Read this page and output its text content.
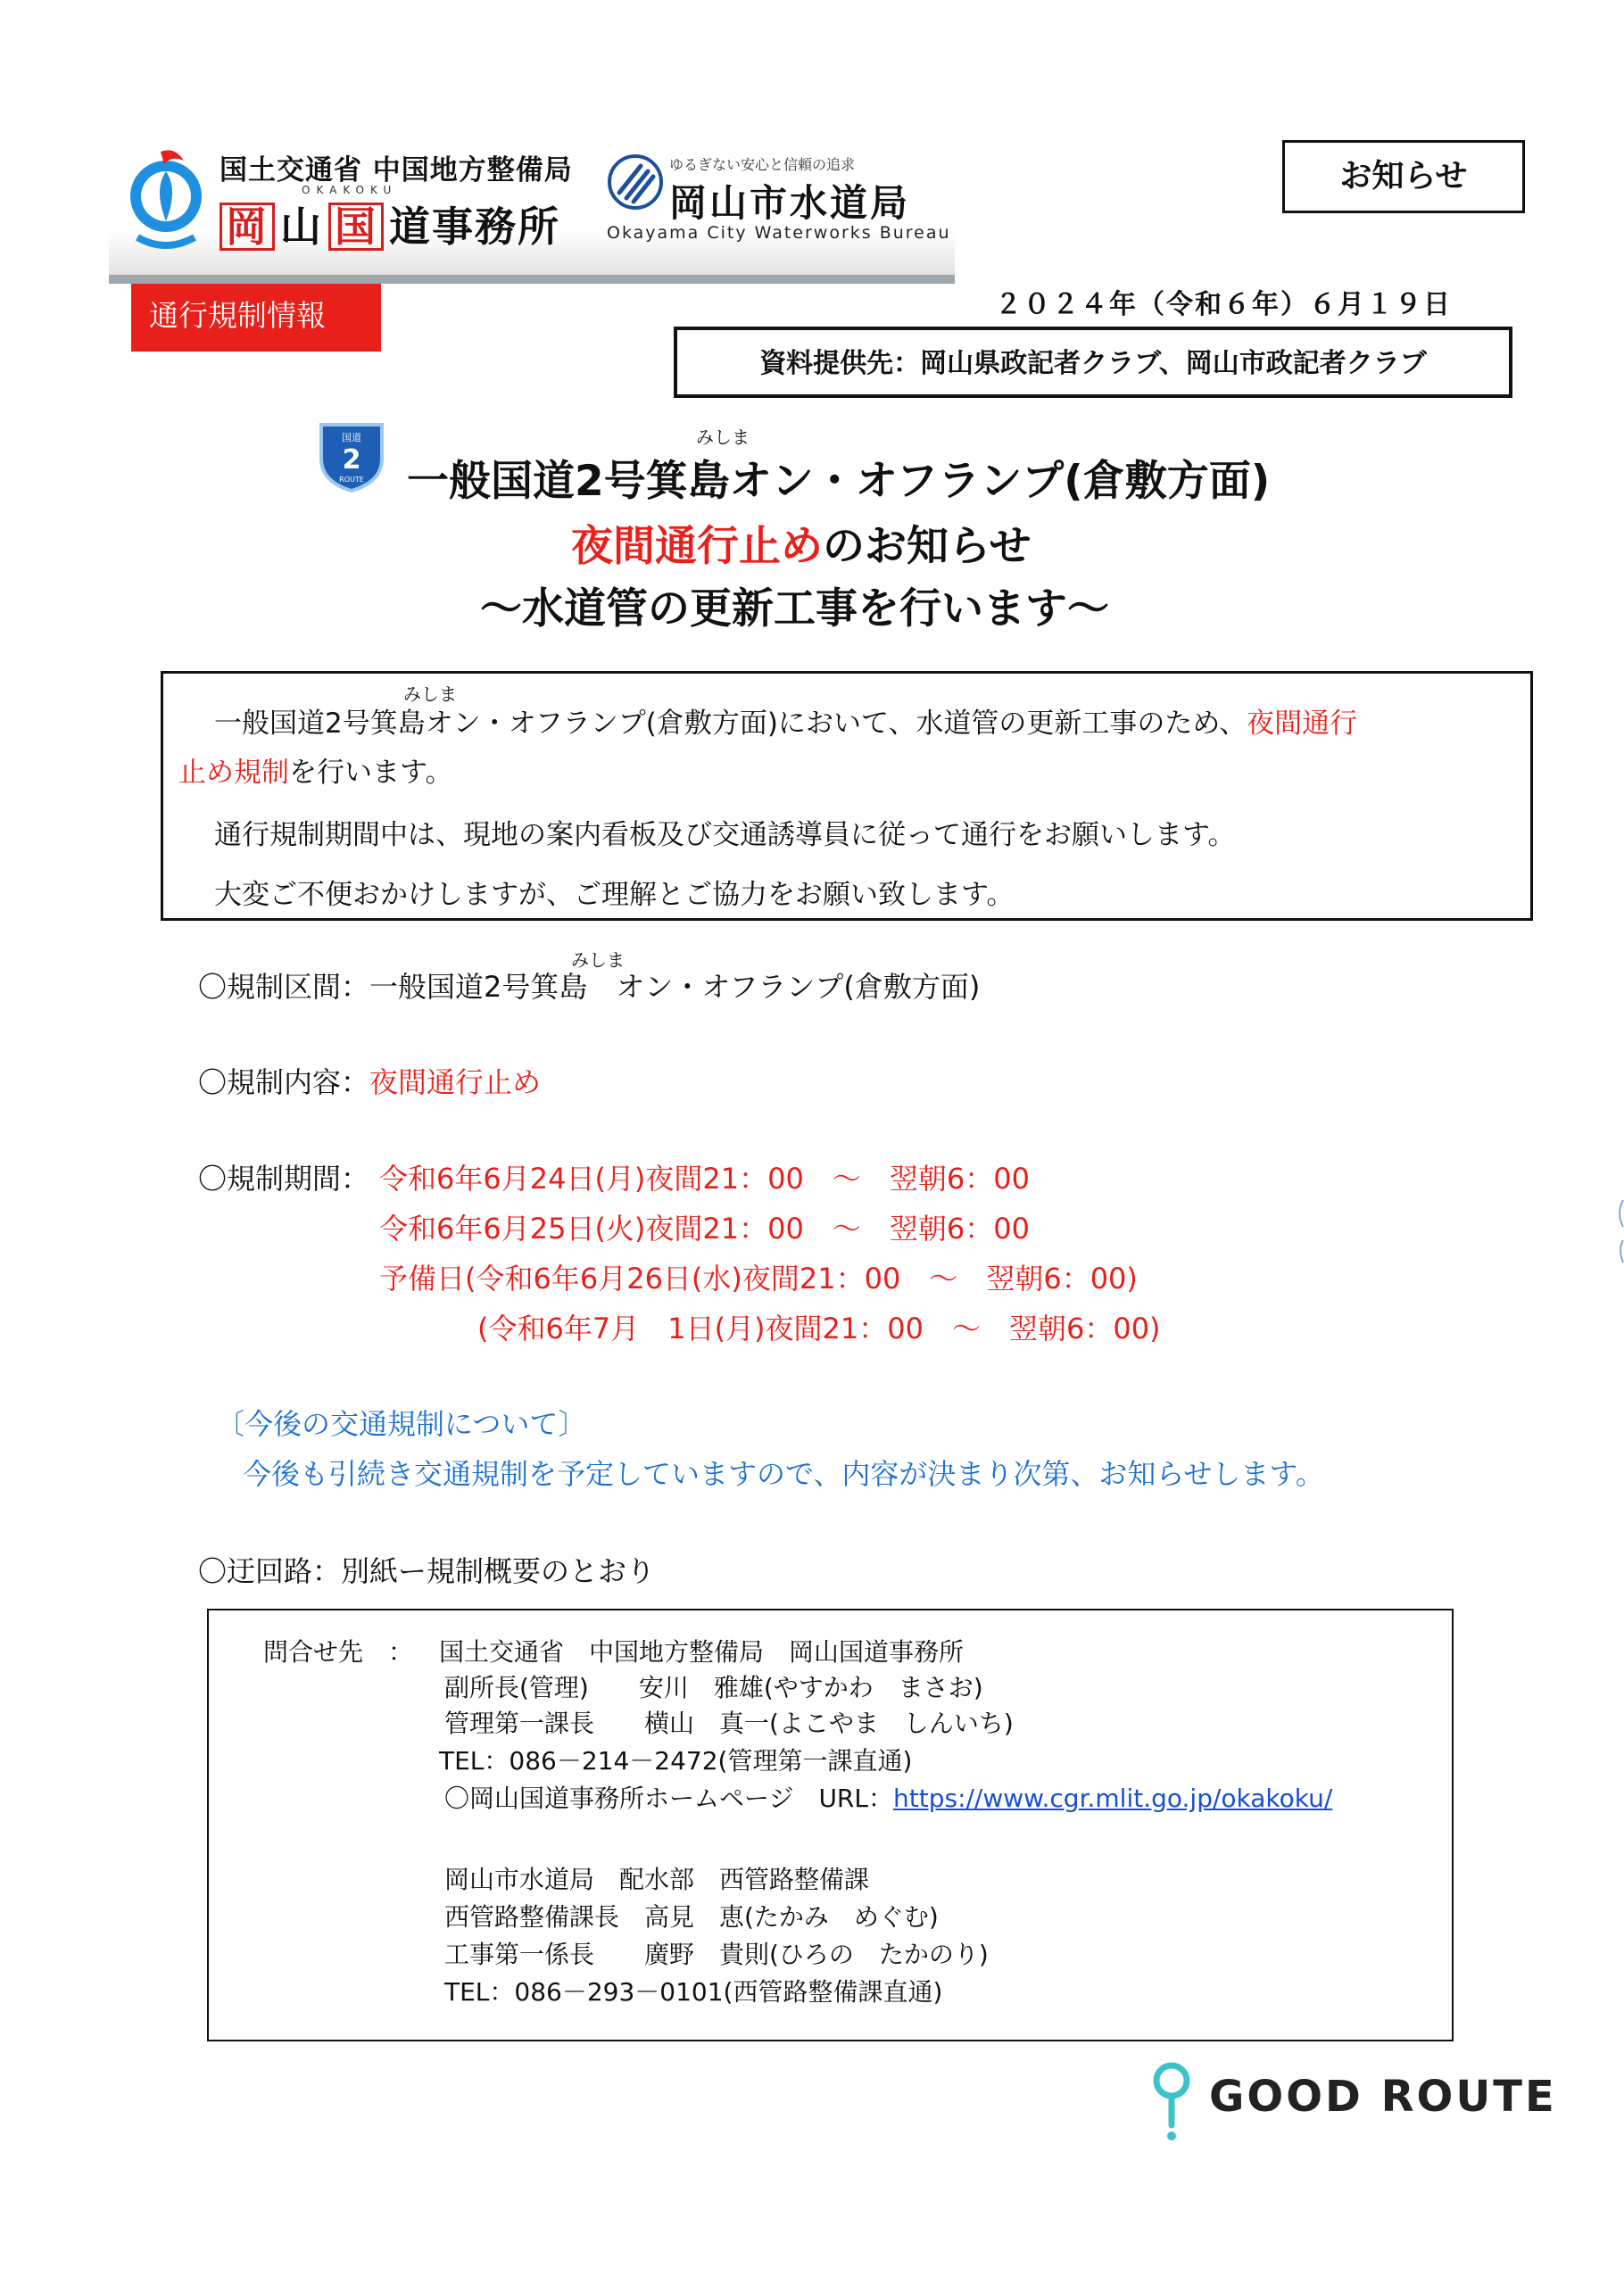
国土交通省 中国地方整備局
OKAKOKU
岡 山 国 道事務所
ゆるぎない安心と信頼の追求
岡山市水道局
Okayama City Waterworks Bureau
お知らせ
通行規制情報	２０２４年（令和６年）６月１９日
資料提供先：岡山県政記者クラブ、岡山市政記者クラブ
国道
2
ROUTE
みしま
一般国道2号箕島オン・オフランプ(倉敷方面)
夜間通行止めのお知らせ
～水道管の更新工事を行います～
みしま
一般国道2号箕島オン・オフランプ(倉敷方面)において、水道管の更新工事のため、夜間通行
止め規制を行います。
通行規制期間中は、現地の案内看板及び交通誘導員に従って通行をお願いします。
大変ご不便おかけしますが、ご理解とご協力をお願い致します。
みしま
〇規制区間：一般国道2号箕島　オン・オフランプ(倉敷方面)
〇規制内容：夜間通行止め
〇規制期間： 令和6年6月24日(月)夜間21：00　～　翌朝6：00
令和6年6月25日(火)夜間21：00　～　翌朝6：00
予備日(令和6年6月26日(水)夜間21：00　～　翌朝6：00)
(令和6年7月　1日(月)夜間21：00　～　翌朝6：00)
〔今後の交通規制について〕
今後も引続き交通規制を予定していますので、内容が決まり次第、お知らせします。
〇迂回路：別紙ー規制概要のとおり
問合せ先　： 国土交通省　中国地方整備局　岡山国道事務所
副所長(管理)　　安川　雅雄(やすかわ　まさお)
管理第一課長　　横山　真一(よこやま　しんいち)
TEL：086－214－2472(管理第一課直通)
〇岡山国道事務所ホームページ　URL：https://www.cgr.mlit.go.jp/okakoku/
岡山市水道局　配水部　西管路整備課
西管路整備課長　高見　恵(たかみ　めぐむ)
工事第一係長　　廣野　貴則(ひろの　たかのり)
TEL：086－293－0101(西管路整備課直通)
GOOD ROUTE
